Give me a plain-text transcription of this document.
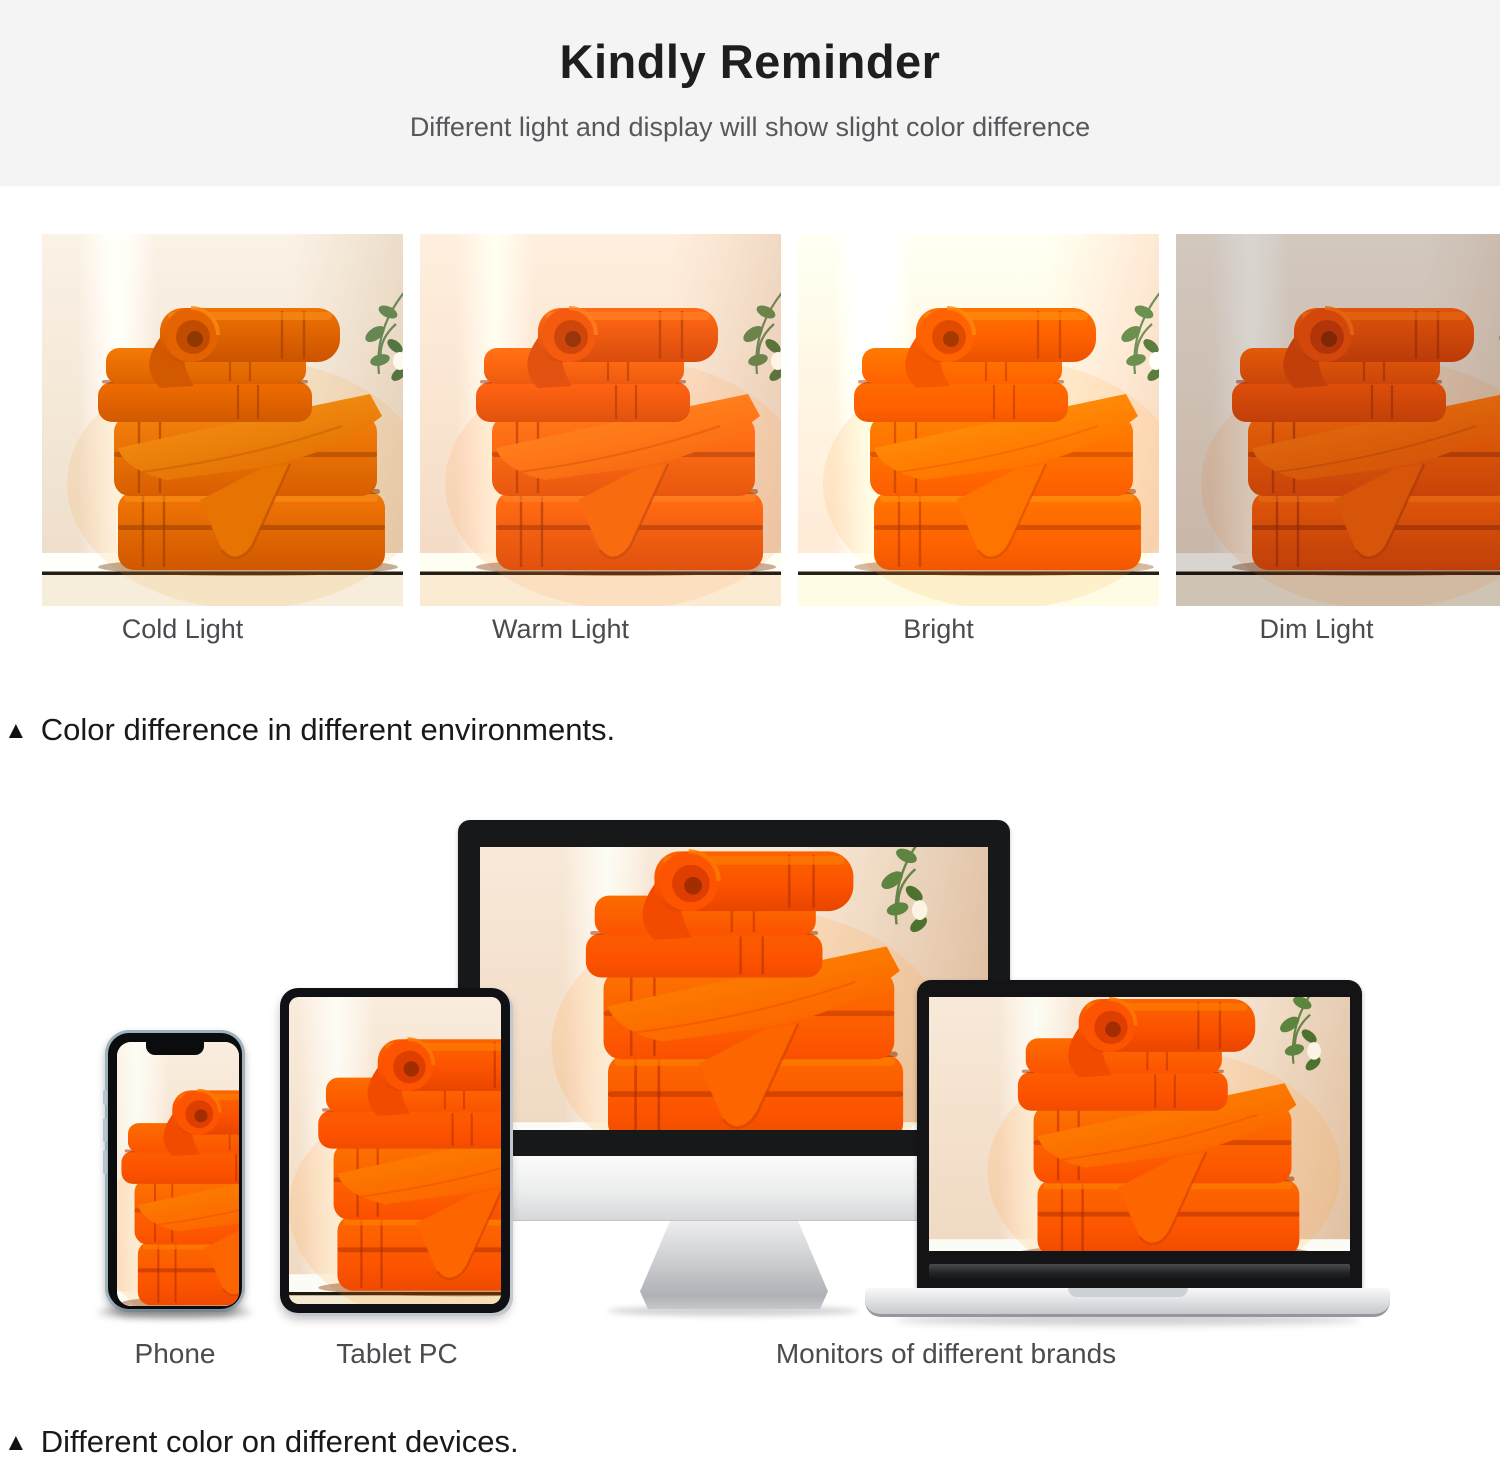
Kindly Reminder
Different light and display will show slight color difference
Cold Light	Warm Light	Bright	Dim Light
▲ Color difference in different environments.
Phone	Tablet PC	Monitors of different brands
▲ Different color on different devices.
